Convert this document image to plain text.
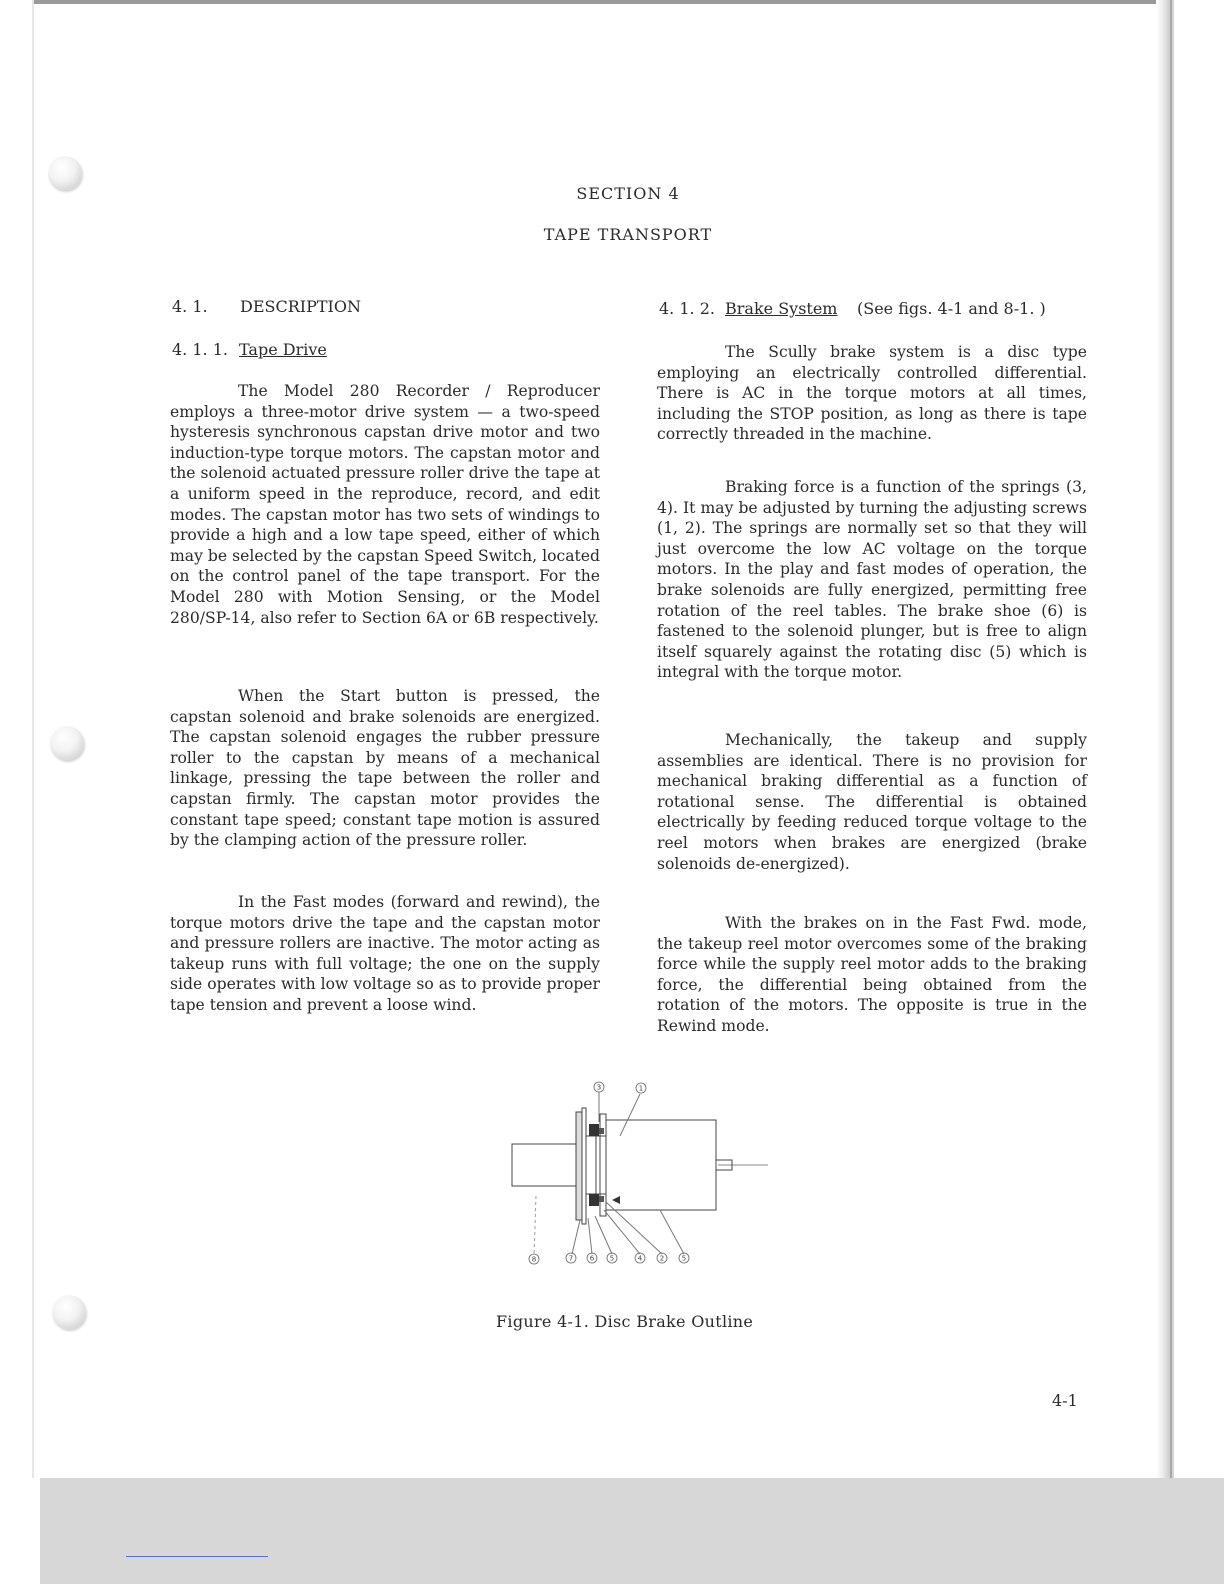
SECTION 4
TAPE TRANSPORT
4. 1. DESCRIPTION
4. 1. 1. Tape Drive

The Model 280 Recorder / Reproducer employs a three-motor drive system — a two-speed hysteresis synchronous capstan drive motor and two induction-type torque motors. The capstan motor and the solenoid actuated pressure roller drive the tape at a uniform speed in the reproduce, record, and edit modes. The capstan motor has two sets of windings to provide a high and a low tape speed, either of which may be selected by the capstan Speed Switch, located on the control panel of the tape transport. For the Model 280 with Motion Sensing, or the Model 280/SP-14, also refer to Section 6A or 6B respectively.

When the Start button is pressed, the capstan solenoid and brake solenoids are energized. The capstan solenoid engages the rubber pressure roller to the capstan by means of a mechanical linkage, pressing the tape between the roller and capstan firmly. The capstan motor provides the constant tape speed; constant tape motion is assured by the clamping action of the pressure roller.

In the Fast modes (forward and rewind), the torque motors drive the tape and the capstan motor and pressure rollers are inactive. The motor acting as takeup runs with full voltage; the one on the supply side operates with low voltage so as to provide proper tape tension and prevent a loose wind.

4. 1. 2. Brake System (See figs. 4-1 and 8-1. )

The Scully brake system is a disc type employing an electrically controlled differential. There is AC in the torque motors at all times, including the STOP position, as long as there is tape correctly threaded in the machine.

Braking force is a function of the springs (3, 4). It may be adjusted by turning the adjusting screws (1, 2). The springs are normally set so that they will just overcome the low AC voltage on the torque motors. In the play and fast modes of operation, the brake solenoids are fully energized, permitting free rotation of the reel tables. The brake shoe (6) is fastened to the solenoid plunger, but is free to align itself squarely against the rotating disc (5) which is integral with the torque motor.

Mechanically, the takeup and supply assemblies are identical. There is no provision for mechanical braking differential as a function of rotational sense. The differential is obtained electrically by feeding reduced torque voltage to the reel motors when brakes are energized (brake solenoids de-energized).

With the brakes on in the Fast Fwd. mode, the takeup reel motor overcomes some of the braking force while the supply reel motor adds to the braking force, the differential being obtained from the rotation of the motors. The opposite is true in the Rewind mode.

3	1
8	7 6 5	4	2	5
Figure 4-1. Disc Brake Outline
4-1
